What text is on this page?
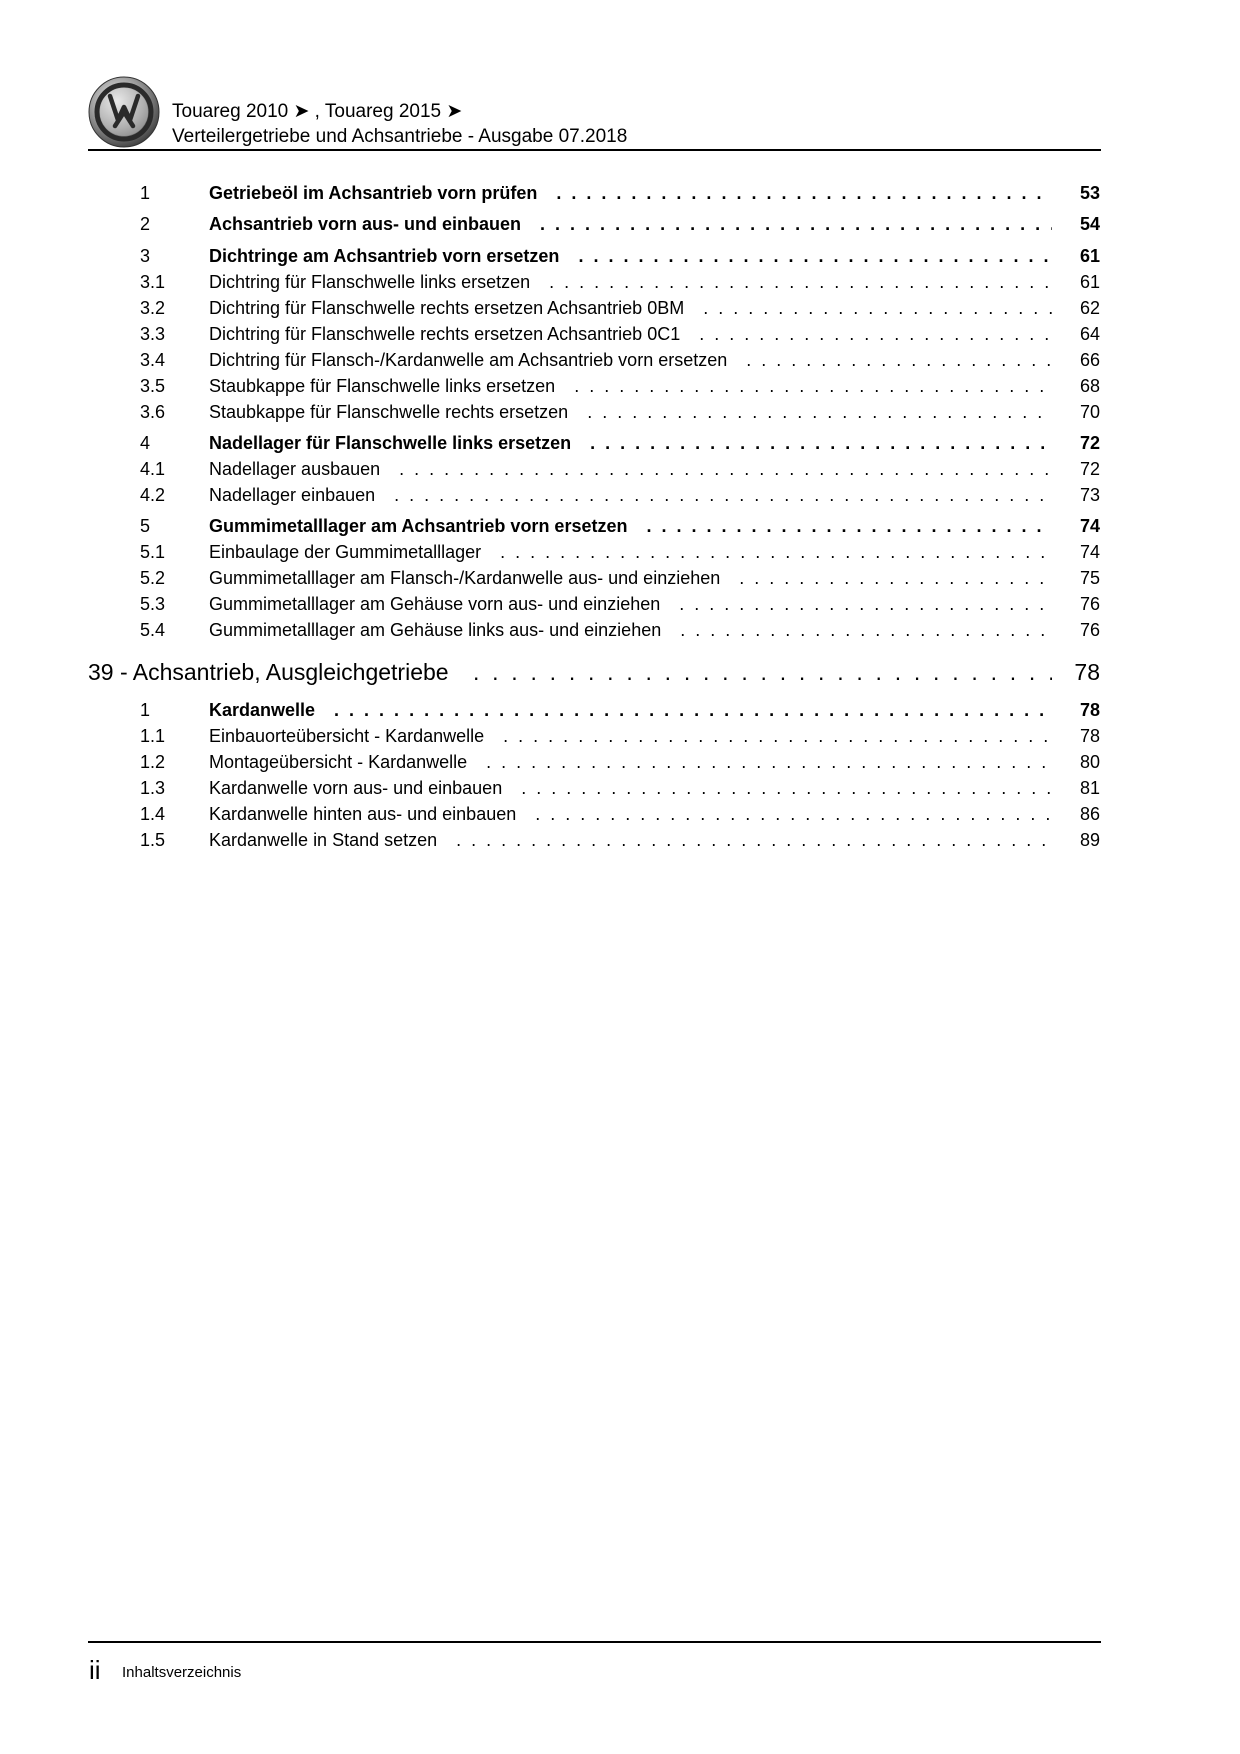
Touareg 2010 ➤ , Touareg 2015 ➤
Verteilergetriebe und Achsantriebe - Ausgabe 07.2018
1	Getriebeöl im Achsantrieb vorn prüfen .  .	53
2	Achsantrieb vorn aus- und einbauen .  .	54
3	Dichtringe am Achsantrieb vorn ersetzen .  .	61
3.1 Dichtring für Flanschwelle links ersetzen .  .	61
3.2 Dichtring für Flanschwelle rechts ersetzen Achsantrieb 0BM .  .	62
3.3 Dichtring für Flanschwelle rechts ersetzen Achsantrieb 0C1 .  .	64
3.4 Dichtring für Flansch-/Kardanwelle am Achsantrieb vorn ersetzen .  .	66
3.5 Staubkappe für Flanschwelle links ersetzen .  .	68
3.6 Staubkappe für Flanschwelle rechts ersetzen .  .	70
4	Nadellager für Flanschwelle links ersetzen .  .	72
4.1 Nadellager ausbauen .  .	72
4.2 Nadellager einbauen .  .	73
5	Gummimetalllager am Achsantrieb vorn ersetzen .  .	74
5.1 Einbaulage der Gummimetalllager .  .	74
5.2 Gummimetalllager am Flansch-/Kardanwelle aus- und einziehen .  .	75
5.3 Gummimetalllager am Gehäuse vorn aus- und einziehen .  .	76
5.4 Gummimetalllager am Gehäuse links aus- und einziehen .  .	76
39 - Achsantrieb, Ausgleichgetriebe .  .	78
1	Kardanwelle .  .	78
1.1 Einbauorteübersicht - Kardanwelle .  .	78
1.2 Montageübersicht - Kardanwelle .  .	80
1.3 Kardanwelle vorn aus- und einbauen .  .	81
1.4 Kardanwelle hinten aus- und einbauen .  .	86
1.5 Kardanwelle in Stand setzen .  .	89
ii Inhaltsverzeichnis
